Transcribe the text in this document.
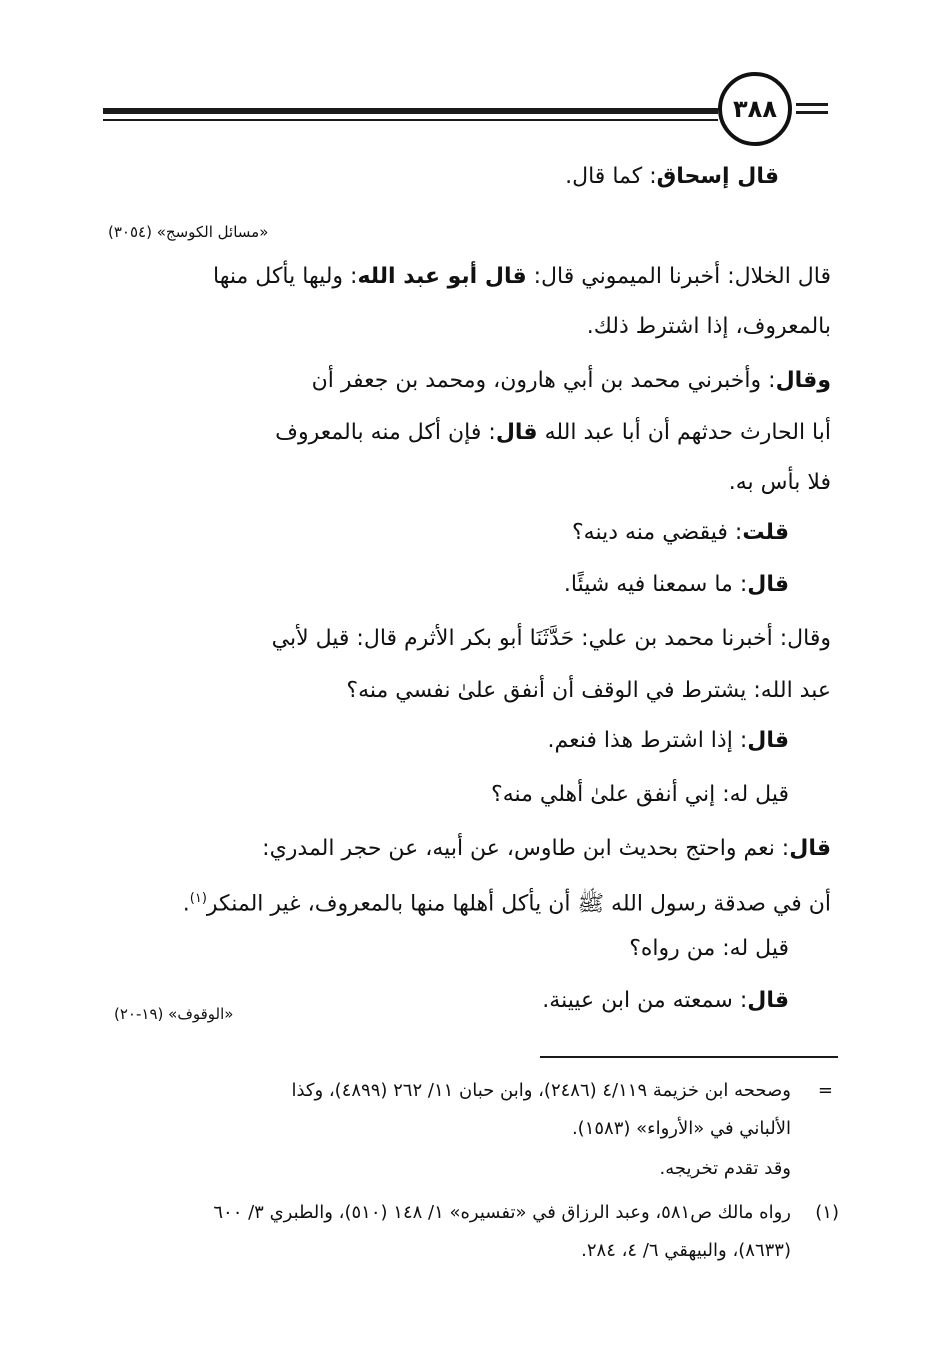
٣٨٨
قال إسحاق: كما قال.
«مسائل الكوسج» (٣٠٥٤)
قال الخلال: أخبرنا الميموني قال: قال أبو عبد الله: وليها يأكل منها
بالمعروف، إذا اشترط ذلك.
وقال: وأخبرني محمد بن أبي هارون، ومحمد بن جعفر أن
أبا الحارث حدثهم أن أبا عبد الله قال: فإن أكل منه بالمعروف
فلا بأس به.
قلت: فيقضي منه دينه؟
قال: ما سمعنا فيه شيئًا.
وقال: أخبرنا محمد بن علي: حَدَّثَنَا أبو بكر الأثرم قال: قيل لأبي
عبد الله: يشترط في الوقف أن أنفق علىٰ نفسي منه؟
قال: إذا اشترط هذا فنعم.
قيل له: إني أنفق علىٰ أهلي منه؟
قال: نعم واحتج بحديث ابن طاوس، عن أبيه، عن حجر المدري:
أن في صدقة رسول الله ﷺ أن يأكل أهلها منها بالمعروف، غير المنكر$^{(١)}$.
قيل له: من رواه؟
قال: سمعته من ابن عيينة.
«الوقوف» (١٩-٢٠)
=
وصححه ابن خزيمة ٤/١١٩ (٢٤٨٦)، وابن حبان ١١/ ٢٦٢ (٤٨٩٩)، وكذا
الألباني في «الأرواء» (١٥٨٣).
وقد تقدم تخريجه.
(١)
رواه مالك ص٥٨١، وعبد الرزاق في «تفسيره» ١/ ١٤٨ (٥١٠)، والطبري ٣/ ٦٠٠
(٨٦٣٣)، والبيهقي ٦/ ٤، ٢٨٤.
